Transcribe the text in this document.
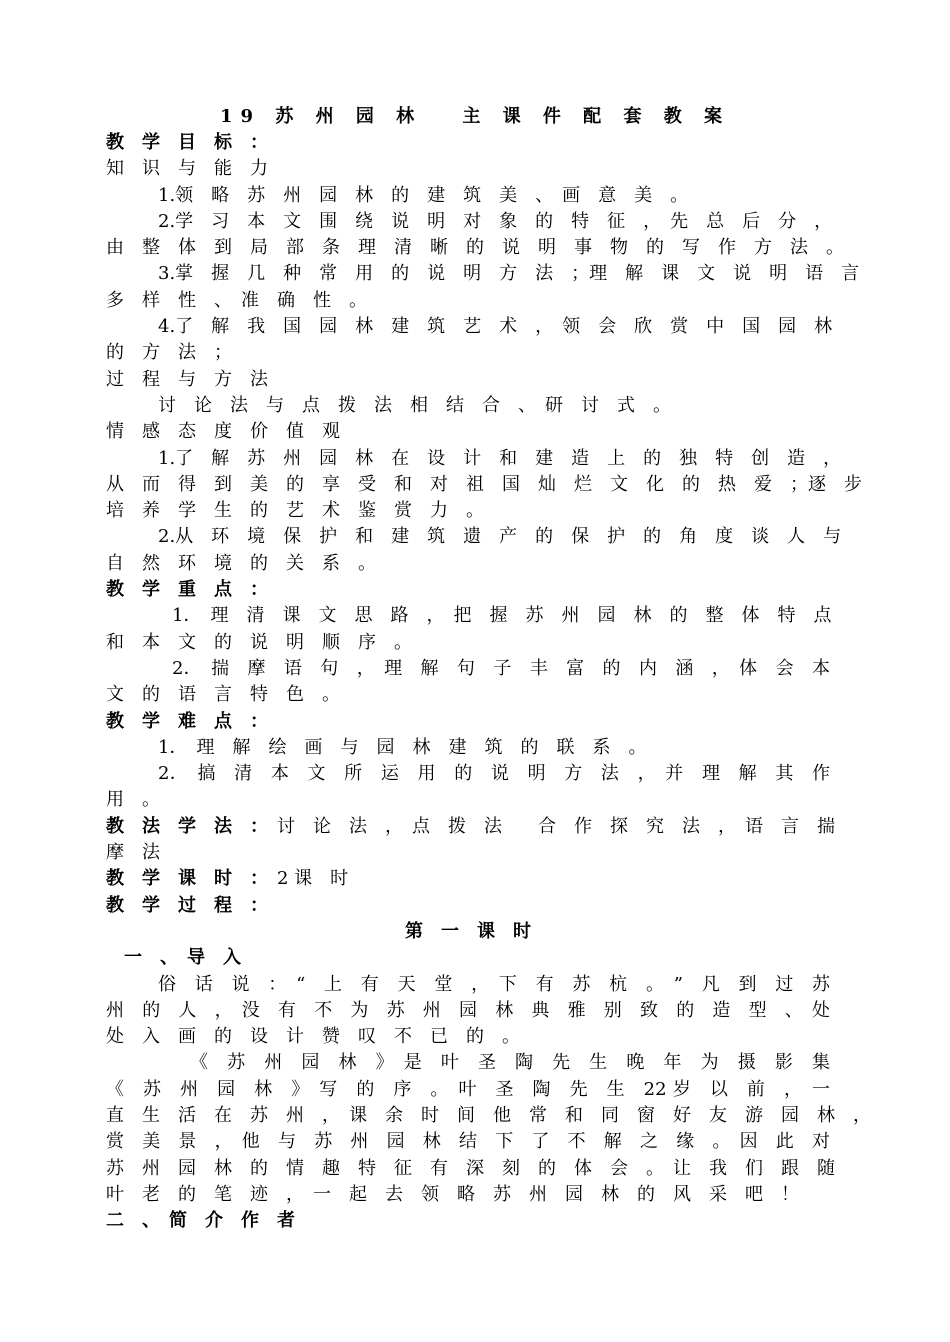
19 苏 州 园 林　 主 课 件 配 套 教 案
教　学　目　标　：
知　识　与　能　力
1.领　略　苏　州　园　林　的　建　筑　美　、　画　意　美　。
2.学　习　本　文　围　绕　说　明　对　象　的　特　征　，　先　总　后　分　，
由　整　体　到　局　部　条　理　清　晰　的　说　明　事　物　的　写　作　方　法　。
3.掌　握　几　种　常　用　的　说　明　方　法　；理　解　课　文　说　明　语　言
多　样　性　、　准　确　性　。
4.了　解　我　国　园　林　建　筑　艺　术　，　领　会　欣　赏　中　国　园　林
的　方　法　；
过　程　与　方　法
讨　论　法　与　点　拨　法　相　结　合　、　研　讨　式　。
情　感　态　度　价　值　观
1.了　解　苏　州　园　林　在　设　计　和　建　造　上　的　独　特　创　造　，
从　而　得　到　美　的　享　受　和　对　祖　国　灿　烂　文　化　的　热　爱　；逐　步
培　养　学　生　的　艺　术　鉴　赏　力　。
2.从　环　境　保　护　和　建　筑　遗　产　的　保　护　的　角　度　谈　人　与
自　然　环　境　的　关　系　。
教　学　重　点　：
1．　理　清　课　文　思　路　，　把　握　苏　州　园　林　的　整　体　特　点
和　本　文　的　说　明　顺　序　。
2．　揣　摩　语　句　，　理　解　句　子　丰　富　的　内　涵　，　体　会　本
文　的　语　言　特　色　。
教　学　难　点　：
1．　理　解　绘　画　与　园　林　建　筑　的　联　系　。
2．　搞　清　本　文　所　运　用　的　说　明　方　法　，　并　理　解　其　作
用　。
教　法　学　法　：　讨　论　法　，　点　拨　法　　合　作　探　究　法　，　语　言　揣
摩　法
教　学　课　时　：　2 课　时
教　学　过　程　：
第　一　课　时
一　、　导　入
俗　话　说　：　“　上　有　天　堂　，　下　有　苏　杭　。　”　凡　到　过　苏
州　的　人　，　没　有　不　为　苏　州　园　林　典　雅　别　致　的　造　型　、　处
处　入　画　的　设　计　赞　叹　不　已　的　。
《　苏　州　园　林　》　是　叶　圣　陶　先　生　晚　年　为　摄　影　集
《　苏　州　园　林　》　写　的　序　。　叶　圣　陶　先　生　22 岁　以　前　，　一
直　生　活　在　苏　州　，　课　余　时　间　他　常　和　同　窗　好　友　游　园　林　，
赏　美　景　，　他　与　苏　州　园　林　结　下　了　不　解　之　缘　。　因　此　对
苏　州　园　林　的　情　趣　特　征　有　深　刻　的　体　会　。　让　我　们　跟　随
叶　老　的　笔　迹　，　一　起　去　领　略　苏　州　园　林　的　风　采　吧　！
二　、　简　介　作　者
